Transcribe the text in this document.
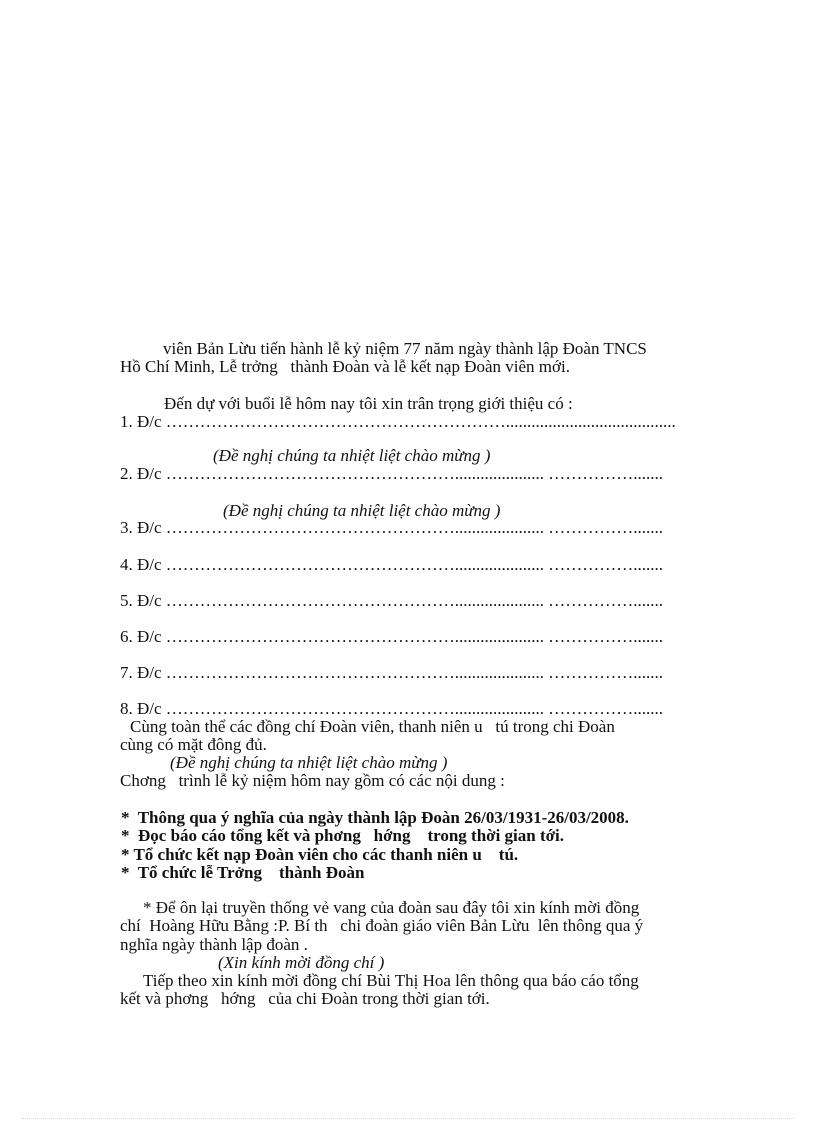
viên Bản Lừu tiến hành lễ kỷ niệm 77 năm ngày thành lập Đoàn TNCS
Hồ Chí Minh, Lễ trởng   thành Đoàn và lễ kết nạp Đoàn viên mới.
Đến dự với buổi lễ hôm nay tôi xin trân trọng giới thiệu có :
1. Đ/c ……………………………………………………........................................
(Đề nghị chúng ta nhiệt liệt chào mừng )
2. Đ/c ……………………………………………..................... …………….......
(Đề nghị chúng ta nhiệt liệt chào mừng )
3. Đ/c ……………………………………………..................... …………….......
4. Đ/c ……………………………………………..................... …………….......
5. Đ/c ……………………………………………..................... …………….......
6. Đ/c ……………………………………………..................... …………….......
7. Đ/c ……………………………………………..................... …………….......
8. Đ/c ……………………………………………..................... …………….......
Cùng toàn thể các đồng chí Đoàn viên, thanh niên u   tú trong chi Đoàn
cùng có mặt đông đủ.
(Đề nghị chúng ta nhiệt liệt chào mừng )
Chơng   trình lễ kỷ niệm hôm nay gồm có các nội dung :
*  Thông qua ý nghĩa của ngày thành lập Đoàn 26/03/1931-26/03/2008.
*  Đọc báo cáo tổng kết và phơng   hớng    trong thời gian tới.
* Tổ chức kết nạp Đoàn viên cho các thanh niên u    tú.
*  Tổ chức lễ Trởng    thành Đoàn
* Để ôn lại truyền thống vẻ vang của đoàn sau đây tôi xin kính mời đồng
chí  Hoàng Hữu Bằng :P. Bí th   chi đoàn giáo viên Bản Lừu  lên thông qua ý
nghĩa ngày thành lập đoàn .
(Xin kính mời đồng chí )
Tiếp theo xin kính mời đồng chí Bùi Thị Hoa lên thông qua báo cáo tổng
kết và phơng   hớng   của chi Đoàn trong thời gian tới.
